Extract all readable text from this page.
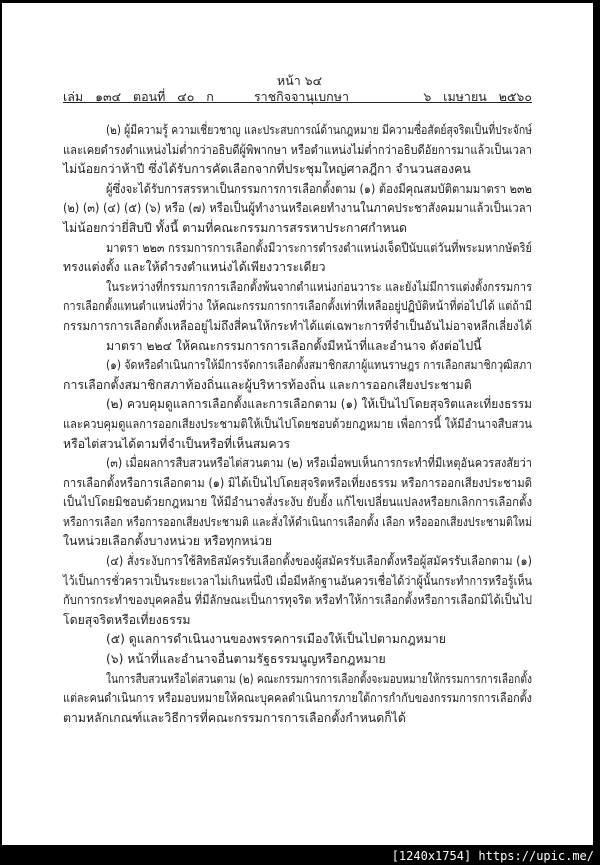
หน้า ๖๔
เล่ม   ๑๓๔   ตอนที่   ๔๐   ก	ราชกิจจานุเบกษา	๖   เมษายน   ๒๕๖๐
(๒) ผู้มีความรู้ ความเชี่ยวชาญ และประสบการณ์ด้านกฎหมาย มีความซื่อสัตย์สุจริตเป็นที่ประจักษ์
และเคยดำรงตำแหน่งไม่ต่ำกว่าอธิบดีผู้พิพากษา หรือตำแหน่งไม่ต่ำกว่าอธิบดีอัยการมาแล้วเป็นเวลา
ไม่น้อยกว่าห้าปี ซึ่งได้รับการคัดเลือกจากที่ประชุมใหญ่ศาลฎีกา จำนวนสองคน
ผู้ซึ่งจะได้รับการสรรหาเป็นกรรมการการเลือกตั้งตาม (๑) ต้องมีคุณสมบัติตามมาตรา ๒๓๒
(๒) (๓) (๔) (๕) (๖) หรือ (๗) หรือเป็นผู้ทำงานหรือเคยทำงานในภาคประชาสังคมมาแล้วเป็นเวลา
ไม่น้อยกว่ายี่สิบปี ทั้งนี้ ตามที่คณะกรรมการสรรหาประกาศกำหนด
มาตรา ๒๒๓ กรรมการการเลือกตั้งมีวาระการดำรงตำแหน่งเจ็ดปีนับแต่วันที่พระมหากษัตริย์
ทรงแต่งตั้ง และให้ดำรงตำแหน่งได้เพียงวาระเดียว
ในระหว่างที่กรรมการการเลือกตั้งพ้นจากตำแหน่งก่อนวาระ และยังไม่มีการแต่งตั้งกรรมการ
การเลือกตั้งแทนตำแหน่งที่ว่าง ให้คณะกรรมการการเลือกตั้งเท่าที่เหลืออยู่ปฏิบัติหน้าที่ต่อไปได้ แต่ถ้ามี
กรรมการการเลือกตั้งเหลืออยู่ไม่ถึงสี่คนให้กระทำได้แต่เฉพาะการที่จำเป็นอันไม่อาจหลีกเลี่ยงได้
มาตรา ๒๒๔ ให้คณะกรรมการการเลือกตั้งมีหน้าที่และอำนาจ ดังต่อไปนี้
(๑) จัดหรือดำเนินการให้มีการจัดการเลือกตั้งสมาชิกสภาผู้แทนราษฎร การเลือกสมาชิกวุฒิสภา
การเลือกตั้งสมาชิกสภาท้องถิ่นและผู้บริหารท้องถิ่น และการออกเสียงประชามติ
(๒) ควบคุมดูแลการเลือกตั้งและการเลือกตาม (๑) ให้เป็นไปโดยสุจริตและเที่ยงธรรม
และควบคุมดูแลการออกเสียงประชามติให้เป็นไปโดยชอบด้วยกฎหมาย เพื่อการนี้ ให้มีอำนาจสืบสวน
หรือไต่สวนได้ตามที่จำเป็นหรือที่เห็นสมควร
(๓) เมื่อผลการสืบสวนหรือไต่สวนตาม (๒) หรือเมื่อพบเห็นการกระทำที่มีเหตุอันควรสงสัยว่า
การเลือกตั้งหรือการเลือกตาม (๑) มิได้เป็นไปโดยสุจริตหรือเที่ยงธรรม หรือการออกเสียงประชามติ
เป็นไปโดยมิชอบด้วยกฎหมาย ให้มีอำนาจสั่งระงับ ยับยั้ง แก้ไขเปลี่ยนแปลงหรือยกเลิกการเลือกตั้ง
หรือการเลือก หรือการออกเสียงประชามติ และสั่งให้ดำเนินการเลือกตั้ง เลือก หรือออกเสียงประชามติใหม่
ในหน่วยเลือกตั้งบางหน่วย หรือทุกหน่วย
(๔) สั่งระงับการใช้สิทธิสมัครรับเลือกตั้งของผู้สมัครรับเลือกตั้งหรือผู้สมัครรับเลือกตาม (๑)
ไว้เป็นการชั่วคราวเป็นระยะเวลาไม่เกินหนึ่งปี เมื่อมีหลักฐานอันควรเชื่อได้ว่าผู้นั้นกระทำการหรือรู้เห็น
กับการกระทำของบุคคลอื่น ที่มีลักษณะเป็นการทุจริต หรือทำให้การเลือกตั้งหรือการเลือกมิได้เป็นไป
โดยสุจริตหรือเที่ยงธรรม
(๕) ดูแลการดำเนินงานของพรรคการเมืองให้เป็นไปตามกฎหมาย
(๖) หน้าที่และอำนาจอื่นตามรัฐธรรมนูญหรือกฎหมาย
ในการสืบสวนหรือไต่สวนตาม (๒) คณะกรรมการการเลือกตั้งจะมอบหมายให้กรรมการการเลือกตั้ง
แต่ละคนดำเนินการ หรือมอบหมายให้คณะบุคคลดำเนินการภายใต้การกำกับของกรรมการการเลือกตั้ง
ตามหลักเกณฑ์และวิธีการที่คณะกรรมการการเลือกตั้งกำหนดก็ได้
[1240x1754] https://upic.me/
